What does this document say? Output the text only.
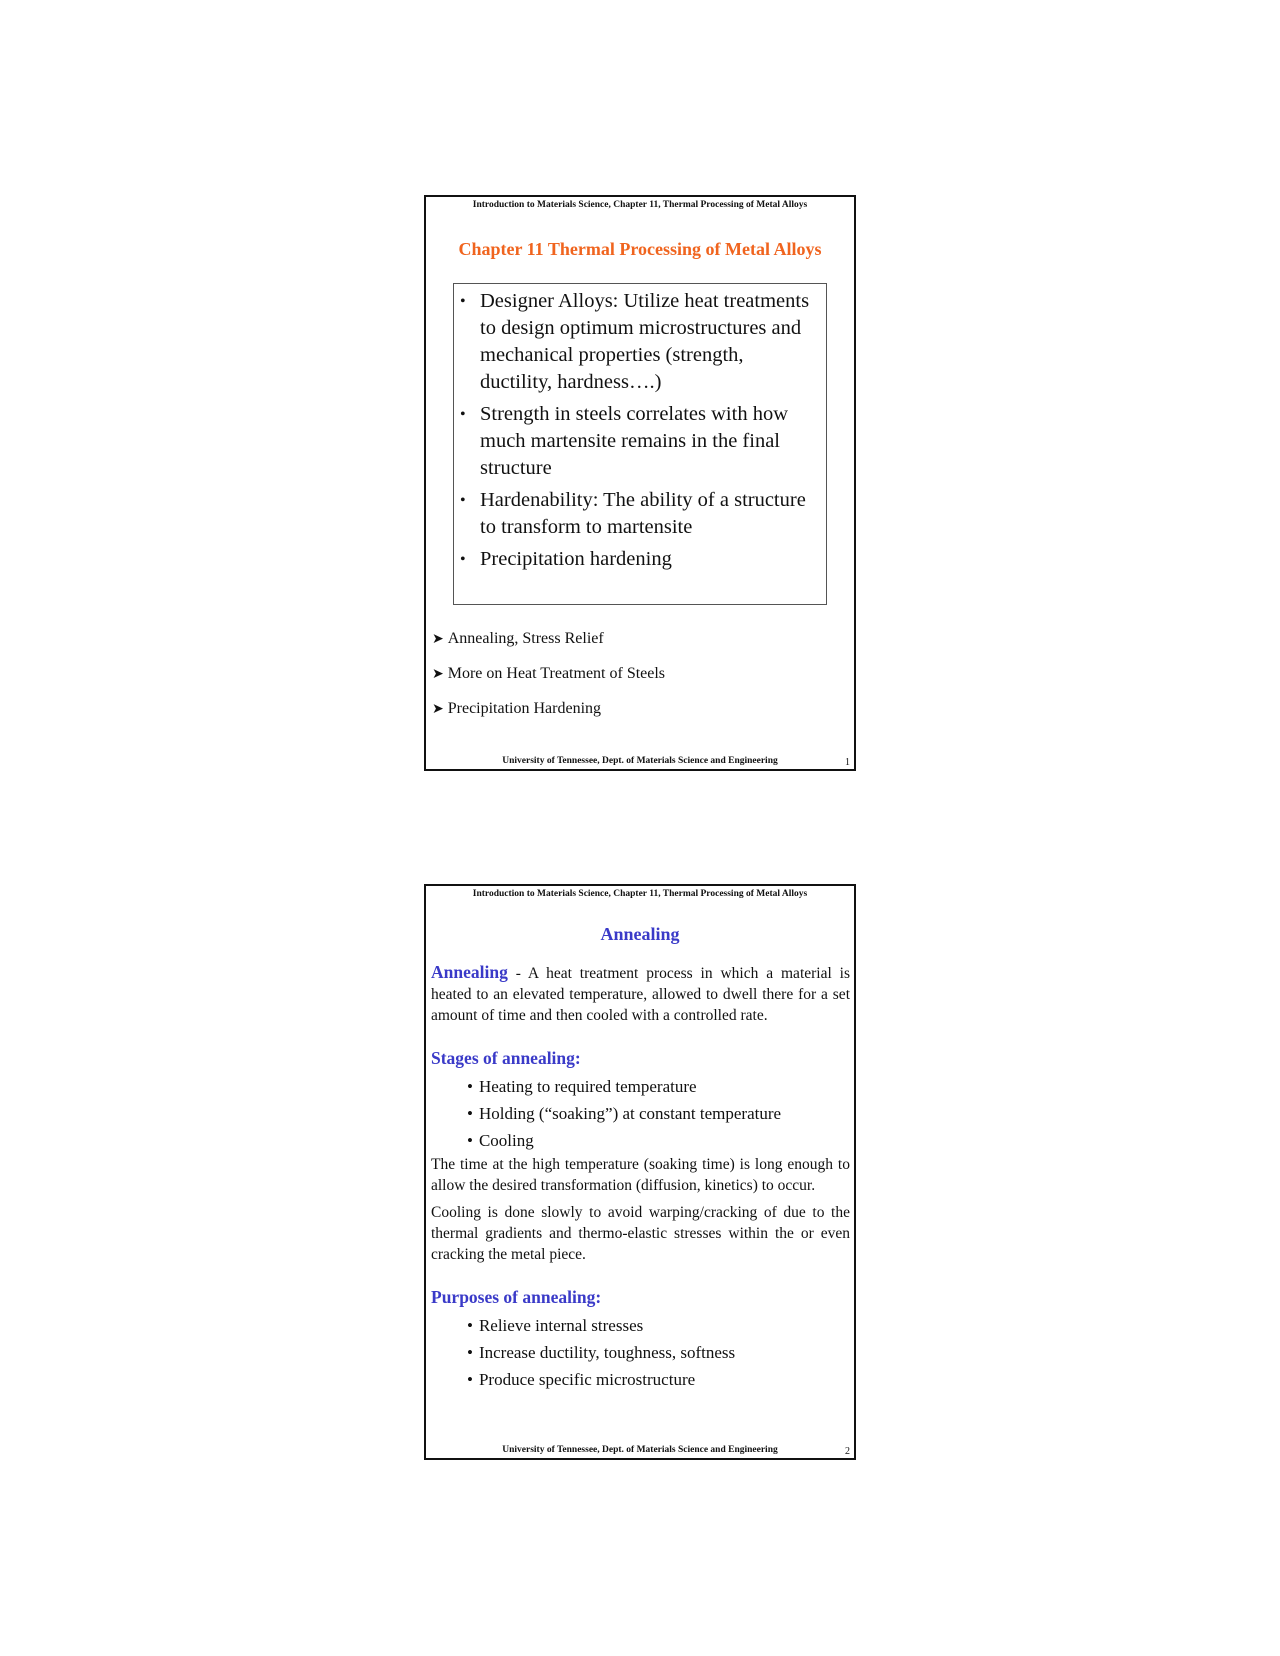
Introduction to Materials Science, Chapter 11, Thermal Processing of Metal Alloys
Chapter 11 Thermal Processing of Metal Alloys
• Designer Alloys: Utilize heat treatments to design optimum microstructures and mechanical properties (strength, ductility, hardness….)
• Strength in steels correlates with how much martensite remains in the final structure
• Hardenability: The ability of a structure to transform to martensite
• Precipitation hardening
➤ Annealing, Stress Relief
➤ More on Heat Treatment of Steels
➤ Precipitation Hardening
University of Tennessee, Dept. of Materials Science and Engineering	1
Introduction to Materials Science, Chapter 11, Thermal Processing of Metal Alloys
Annealing

Annealing - A heat treatment process in which a material is heated to an elevated temperature, allowed to dwell there for a set amount of time and then cooled with a controlled rate.

Stages of annealing:
• Heating to required temperature
• Holding (“soaking”) at constant temperature
• Cooling

The time at the high temperature (soaking time) is long enough to allow the desired transformation (diffusion, kinetics) to occur.

Cooling is done slowly to avoid warping/cracking of due to the thermal gradients and thermo-elastic stresses within the or even cracking the metal piece.

Purposes of annealing:
• Relieve internal stresses
• Increase ductility, toughness, softness
• Produce specific microstructure
University of Tennessee, Dept. of Materials Science and Engineering	2
